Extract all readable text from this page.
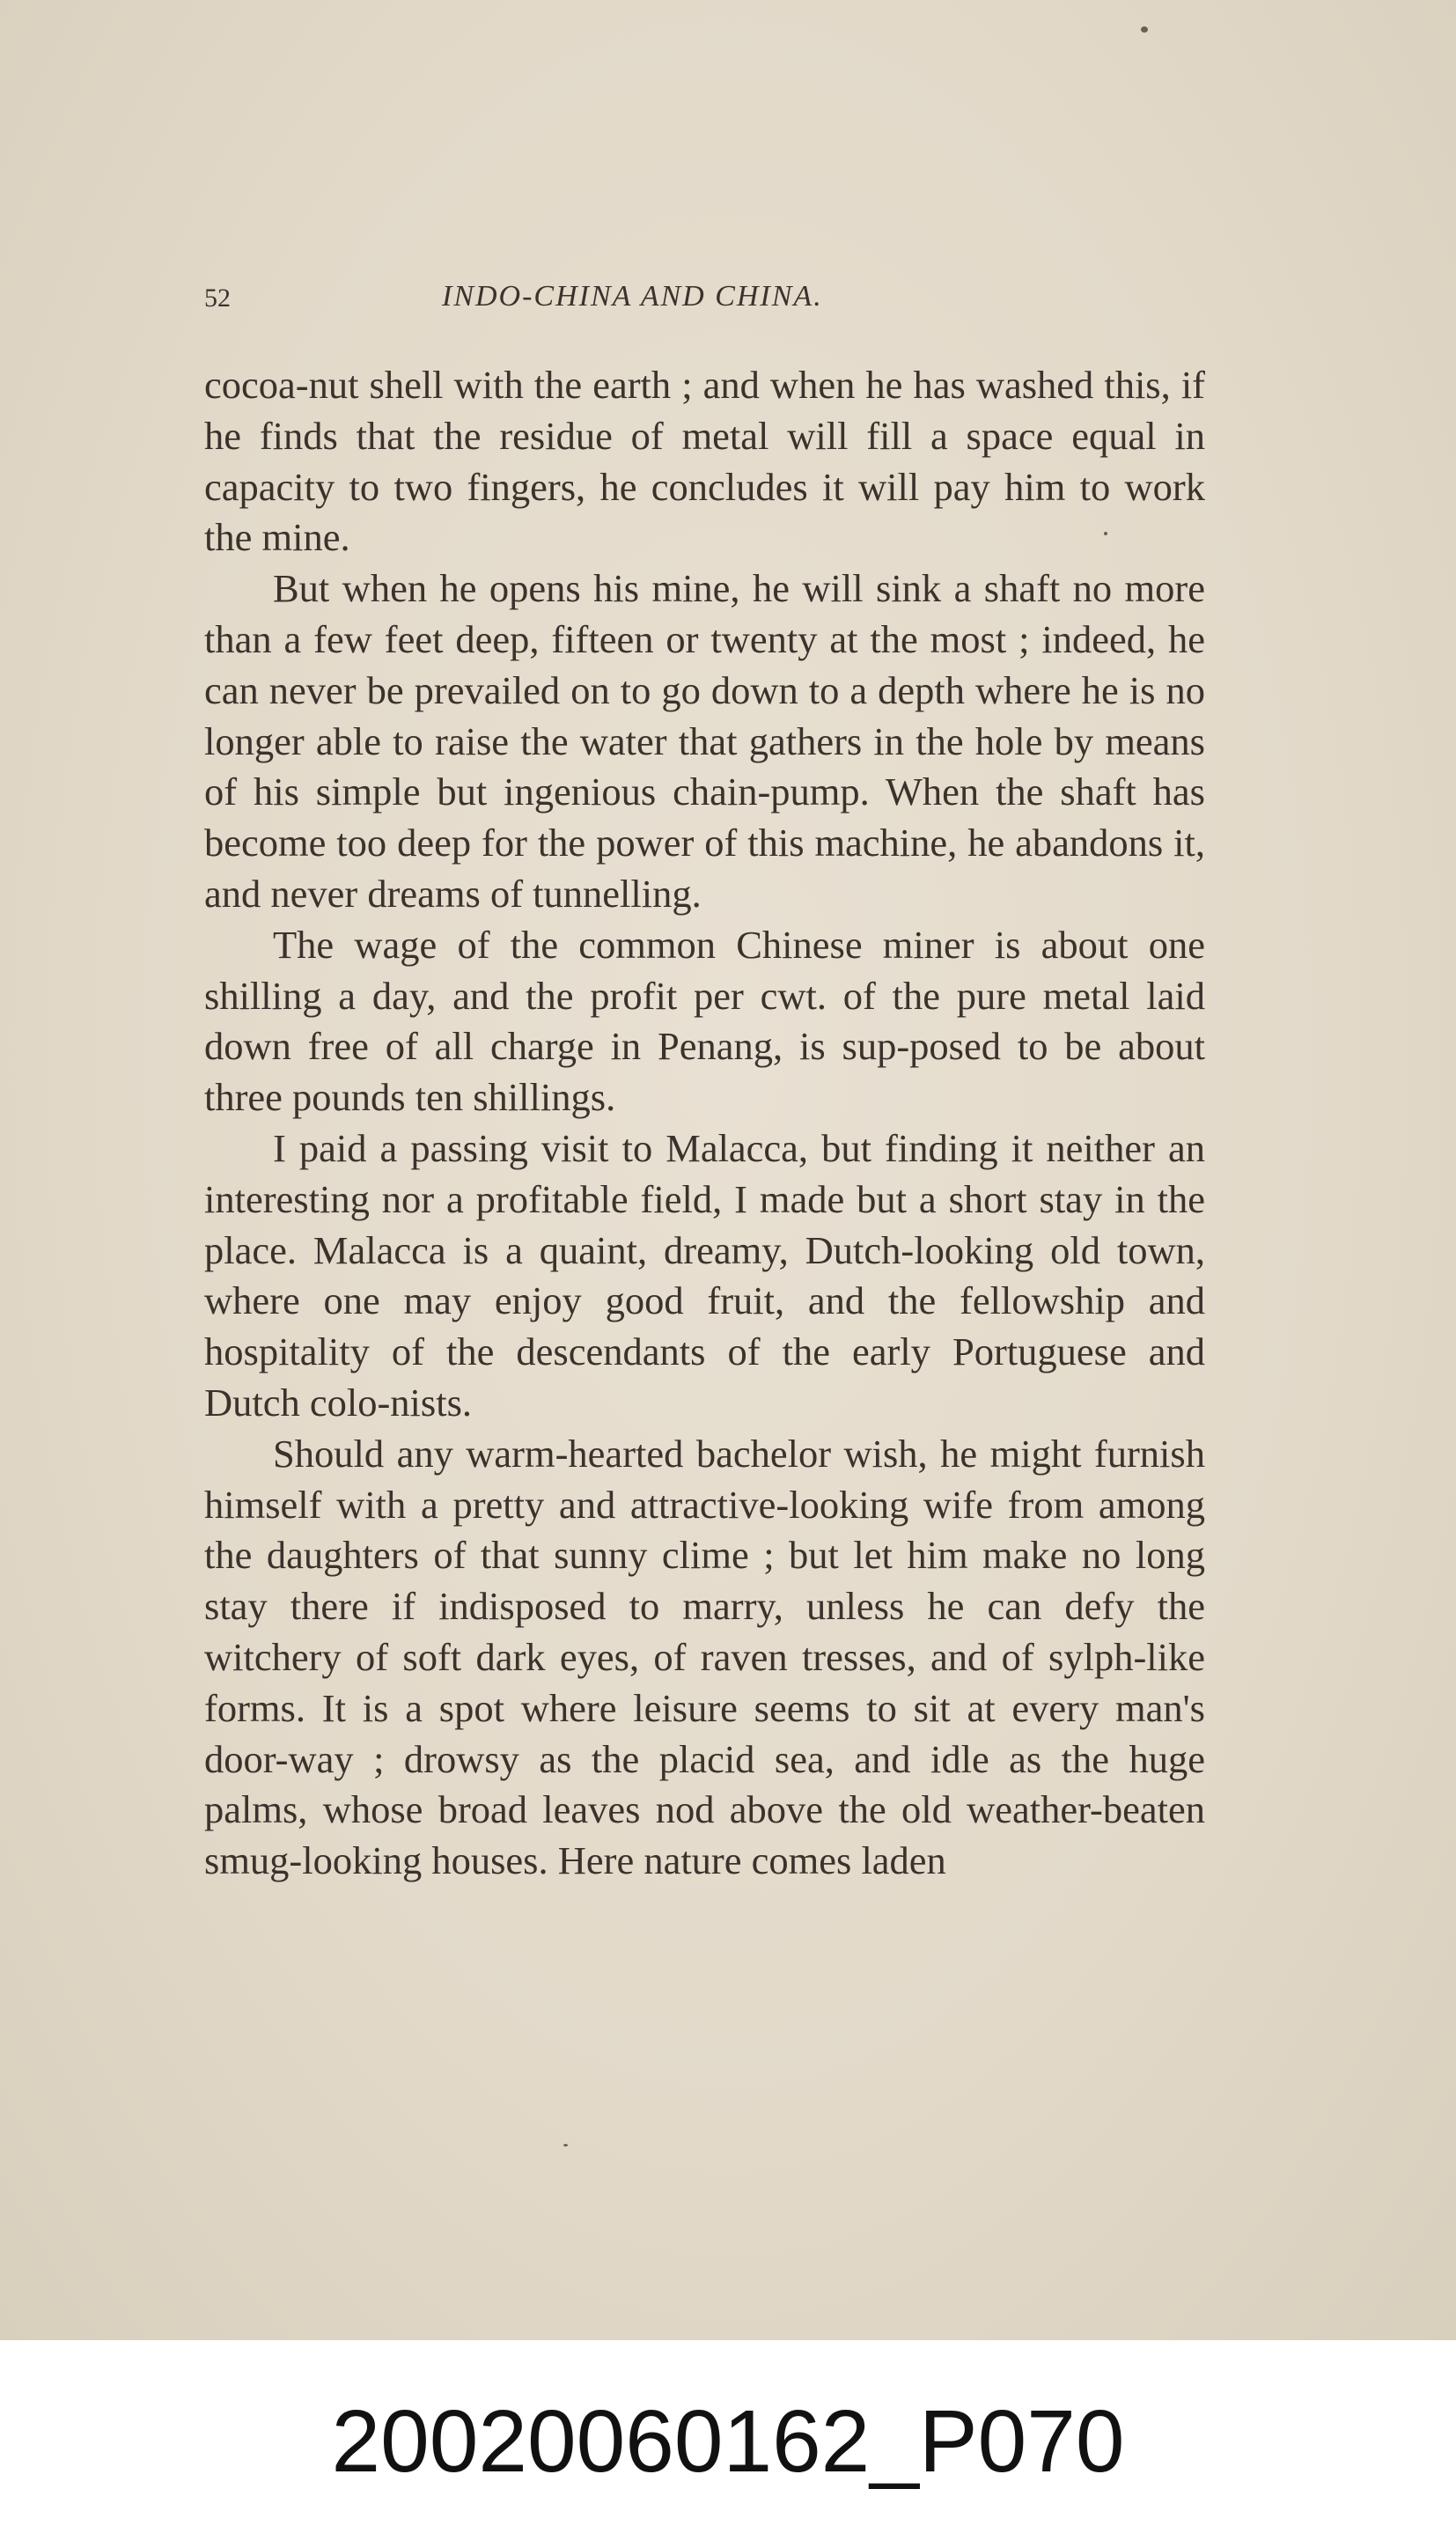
52	INDO-CHINA AND CHINA.

cocoa-nut shell with the earth ; and when he has washed this, if he finds that the residue of metal will fill a space equal in capacity to two fingers, he concludes it will pay him to work the mine.

But when he opens his mine, he will sink a shaft no more than a few feet deep, fifteen or twenty at the most ; indeed, he can never be prevailed on to go down to a depth where he is no longer able to raise the water that gathers in the hole by means of his simple but ingenious chain-pump. When the shaft has become too deep for the power of this machine, he abandons it, and never dreams of tunnelling.

The wage of the common Chinese miner is about one shilling a day, and the profit per cwt. of the pure metal laid down free of all charge in Penang, is sup-posed to be about three pounds ten shillings.

I paid a passing visit to Malacca, but finding it neither an interesting nor a profitable field, I made but a short stay in the place. Malacca is a quaint, dreamy, Dutch-looking old town, where one may enjoy good fruit, and the fellowship and hospitality of the descendants of the early Portuguese and Dutch colo-nists.

Should any warm-hearted bachelor wish, he might furnish himself with a pretty and attractive-looking wife from among the daughters of that sunny clime ; but let him make no long stay there if indisposed to marry, unless he can defy the witchery of soft dark eyes, of raven tresses, and of sylph-like forms. It is a spot where leisure seems to sit at every man's door-way ; drowsy as the placid sea, and idle as the huge palms, whose broad leaves nod above the old weather-beaten smug-looking houses. Here nature comes laden

20020060162_P070
